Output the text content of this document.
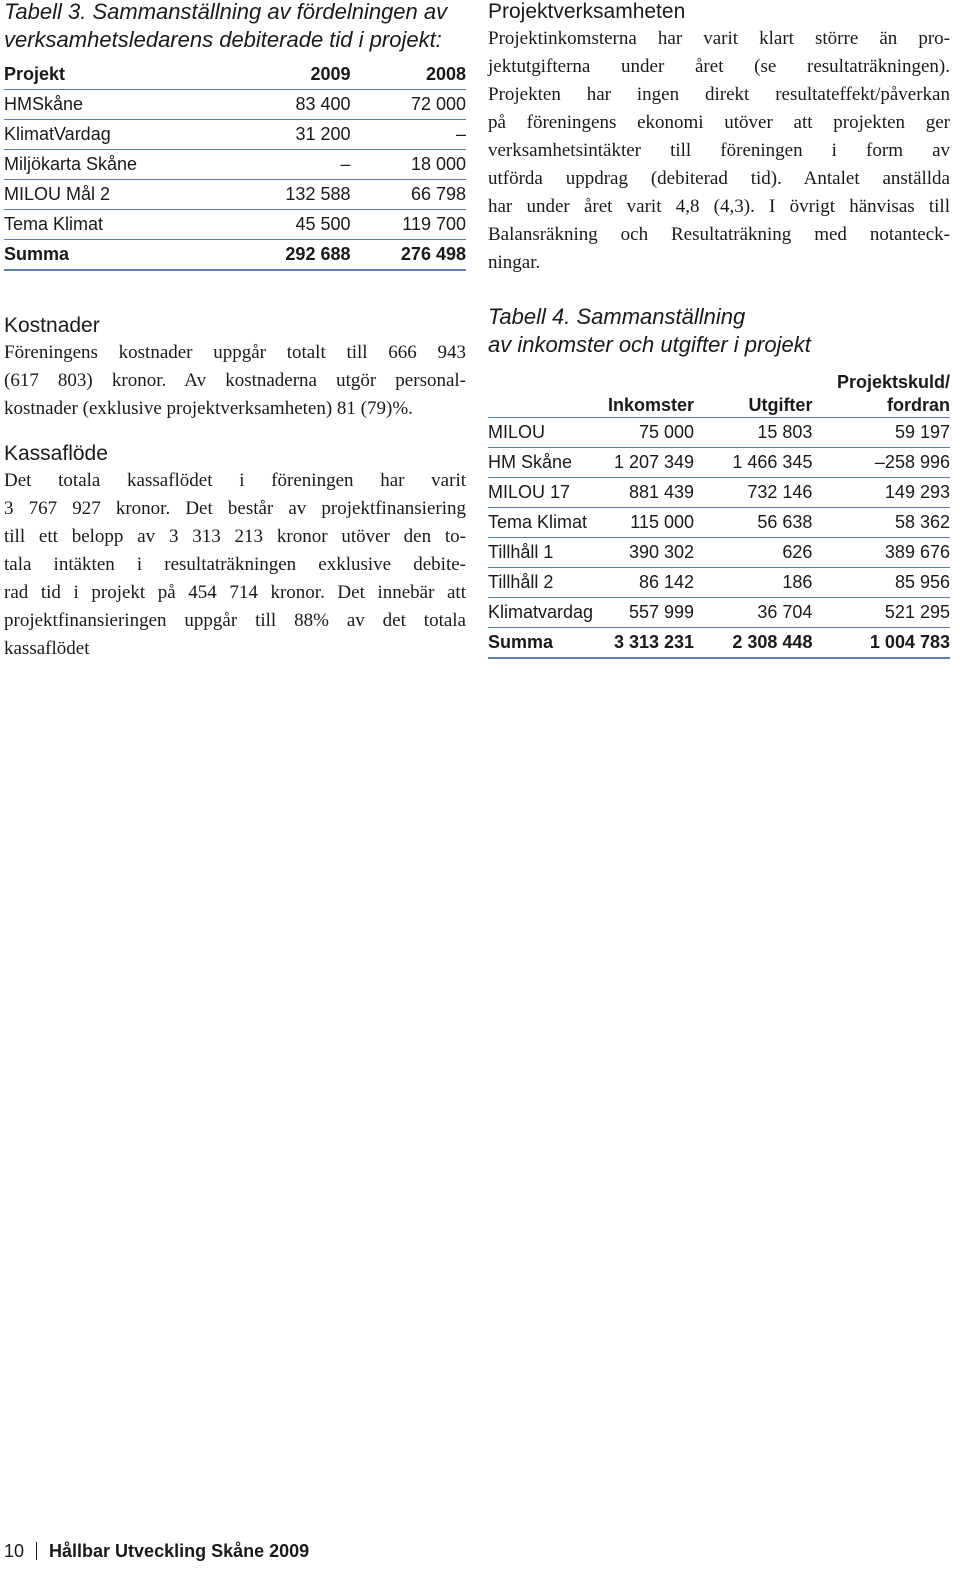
Tabell 3. Sammanställning av fördelningen av
verksamhetsledarens debiterade tid i projekt:
Projekt	2009	2008
HMSkåne	83 400	72 000
KlimatVardag	31 200	–
Miljökarta Skåne	–	18 000
MILOU Mål 2	132 588	66 798
Tema Klimat	45 500	119 700
Summa	292 688	276 498
Kostnader

Föreningens kostnader uppgår totalt till 666 943
(617 803) kronor. Av kostnaderna utgör personal-
kostnader (exklusive projektverksamheten) 81 (79)%.

Kassaflöde

Det totala kassaflödet i föreningen har varit
3 767 927 kronor. Det består av projektfinansiering
till ett belopp av 3 313 213 kronor utöver den to-
tala intäkten i resultaträkningen exklusive debite-
rad tid i projekt på 454 714 kronor. Det innebär att
projektfinansieringen uppgår till 88% av det totala
kassaflödet

Projektverksamheten

Projektinkomsterna har varit klart större än pro-
jektutgifterna under året (se resultaträkningen).
Projekten har ingen direkt resultateffekt/påverkan
på föreningens ekonomi utöver att projekten ger
verksamhetsintäkter till föreningen i form av
utförda uppdrag (debiterad tid). Antalet anställda
har under året varit 4,8 (4,3). I övrigt hänvisas till
Balansräkning och Resultaträkning med notanteck-
ningar.

Tabell 4. Sammanställning
av inkomster och utgifter i projekt
	Inkomster	Utgifter	Projektskuld/
fordran
MILOU	75 000	15 803	59 197
HM Skåne	1 207 349	1 466 345	–258 996
MILOU 17	881 439	732 146	149 293
Tema Klimat	115 000	56 638	58 362
Tillhåll 1	390 302	626	389 676
Tillhåll 2	86 142	186	85 956
Klimatvardag	557 999	36 704	521 295
Summa	3 313 231	2 308 448	1 004 783
10 Hållbar Utveckling Skåne 2009
